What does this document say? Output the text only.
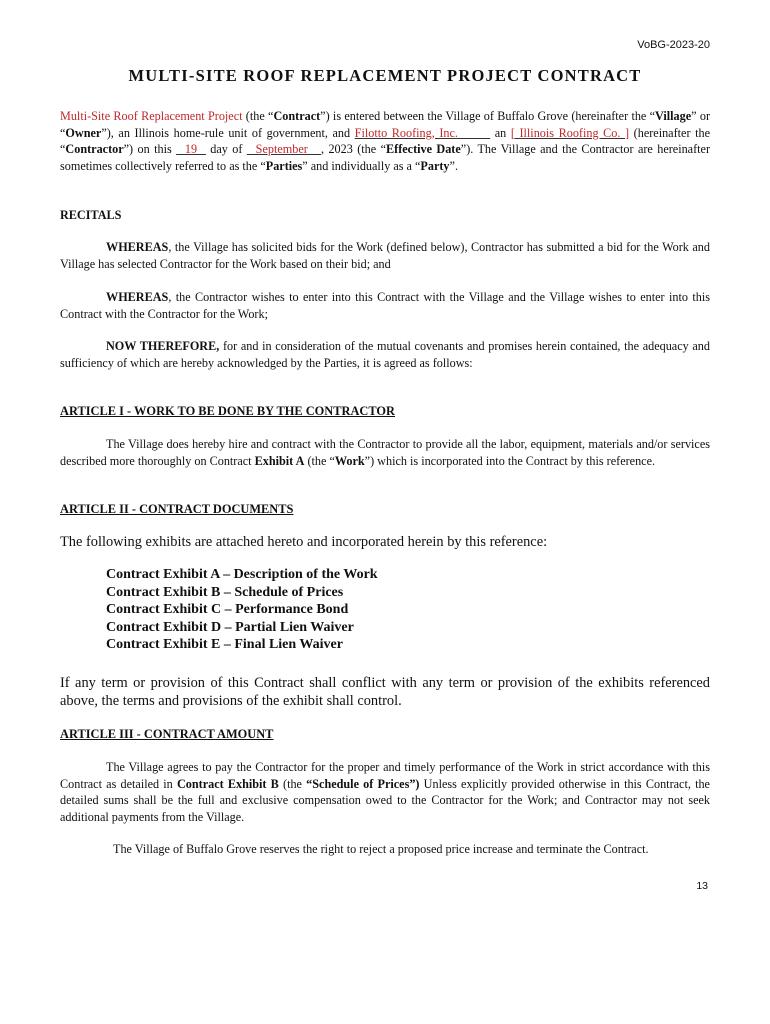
VoBG-2023-20
MULTI-SITE ROOF REPLACEMENT PROJECT CONTRACT
Multi-Site Roof Replacement Project (the “Contract”) is entered between the Village of Buffalo Grove (hereinafter the “Village” or “Owner”), an Illinois home-rule unit of government, and Filotto Roofing, Inc.        an [ Illinois Roofing Co. ] (hereinafter the “Contractor”) on this   19   day of   September   , 2023 (the “Effective Date”). The Village and the Contractor are hereinafter sometimes collectively referred to as the “Parties” and individually as a “Party”.
RECITALS
WHEREAS, the Village has solicited bids for the Work (defined below), Contractor has submitted a bid for the Work and Village has selected Contractor for the Work based on their bid; and
WHEREAS, the Contractor wishes to enter into this Contract with the Village and the Village wishes to enter into this Contract with the Contractor for the Work;
NOW THEREFORE, for and in consideration of the mutual covenants and promises herein contained, the adequacy and sufficiency of which are hereby acknowledged by the Parties, it is agreed as follows:
ARTICLE I - WORK TO BE DONE BY THE CONTRACTOR
The Village does hereby hire and contract with the Contractor to provide all the labor, equipment, materials and/or services described more thoroughly on Contract Exhibit A (the “Work”) which is incorporated into the Contract by this reference.
ARTICLE II - CONTRACT DOCUMENTS
The following exhibits are attached hereto and incorporated herein by this reference:
Contract Exhibit A – Description of the Work
Contract Exhibit B – Schedule of Prices
Contract Exhibit C – Performance Bond
Contract Exhibit D – Partial Lien Waiver
Contract Exhibit E – Final Lien Waiver
If any term or provision of this Contract shall conflict with any term or provision of the exhibits referenced above, the terms and provisions of the exhibit shall control.
ARTICLE III - CONTRACT AMOUNT
The Village agrees to pay the Contractor for the proper and timely performance of the Work in strict accordance with this Contract as detailed in Contract Exhibit B (the “Schedule of Prices”) Unless explicitly provided otherwise in this Contract, the detailed sums shall be the full and exclusive compensation owed to the Contractor for the Work; and Contractor may not seek additional payments from the Village.
The Village of Buffalo Grove reserves the right to reject a proposed price increase and terminate the Contract.
13
